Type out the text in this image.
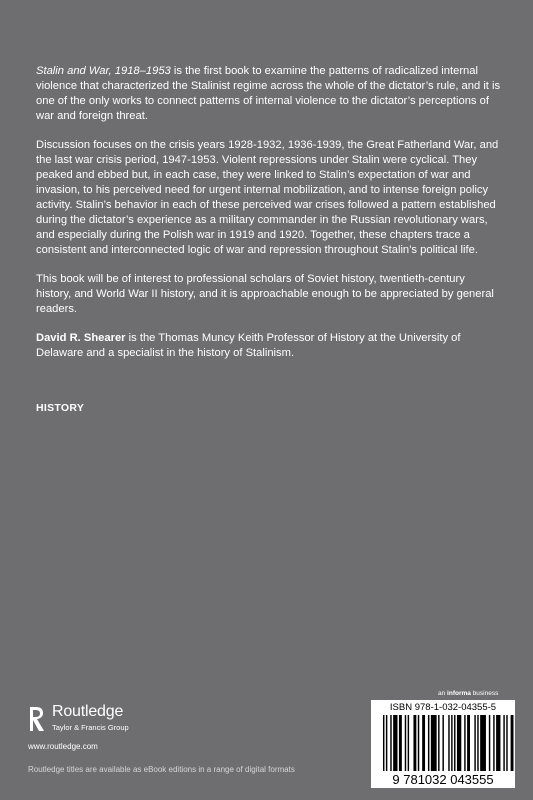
Stalin and War, 1918–1953 is the first book to examine the patterns of radicalized internal violence that characterized the Stalinist regime across the whole of the dictator’s rule, and it is one of the only works to connect patterns of internal violence to the dictator’s perceptions of war and foreign threat.

Discussion focuses on the crisis years 1928-1932, 1936-1939, the Great Fatherland War, and the last war crisis period, 1947-1953. Violent repressions under Stalin were cyclical. They peaked and ebbed but, in each case, they were linked to Stalin’s expectation of war and invasion, to his perceived need for urgent internal mobilization, and to intense foreign policy activity. Stalin’s behavior in each of these perceived war crises followed a pattern established during the dictator’s experience as a military commander in the Russian revolutionary wars, and especially during the Polish war in 1919 and 1920. Together, these chapters trace a consistent and interconnected logic of war and repression throughout Stalin’s political life.

This book will be of interest to professional scholars of Soviet history, twentieth-century history, and World War II history, and it is approachable enough to be appreciated by general readers.

David R. Shearer is the Thomas Muncy Keith Professor of History at the University of Delaware and a specialist in the history of Stalinism.

HISTORY
Routledge
Taylor & Francis Group
www.routledge.com
Routledge titles are available as eBook editions in a range of digital formats
an informa business
ISBN 978-1-032-04355-5
9 781032 043555
